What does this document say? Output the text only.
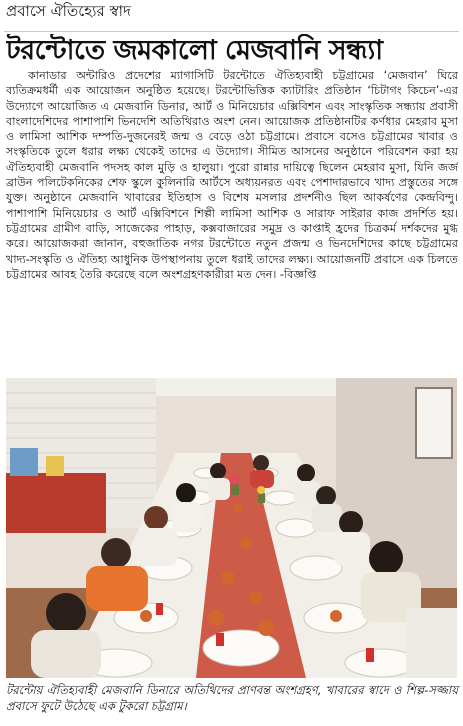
প্রবাসে ঐতিহ্যের স্বাদ
টরন্টোতে জমকালো মেজবানি সন্ধ্যা

কানাডার অন্টারিও প্রদেশের ম্যাগাসিটি টরন্টোতে ঐতিহ্যবাহী চট্টগ্রামের ‘মেজবান’ ঘিরে ব্যতিক্রমধর্মী এক আয়োজন অনুষ্ঠিত হয়েছে। টরন্টোভিত্তিক ক্যাটারিং প্রতিষ্ঠান ‘চিটাগং কিচেন’-এর উদ্যোগে আয়োজিত এ মেজবানি ডিনার, আর্ট ও মিনিয়েচার এক্সিবিশন এবং সাংস্কৃতিক সন্ধ্যায় প্রবাসী বাংলাদেশিদের পাশাপাশি ভিনদেশি অতিথিরাও অংশ নেন। আয়োজক প্রতিষ্ঠানটির কর্ণধার মেহরাব মুসা ও লামিসা আশিক দম্পতি-দুজনেরই জন্ম ও বেড়ে ওঠা চট্টগ্রামে। প্রবাসে বসেও চট্টগ্রামের খাবার ও সংস্কৃতিকে তুলে ধরার লক্ষ্য থেকেই তাদের এ উদ্যোগ। সীমিত আসনের অনুষ্ঠানে পরিবেশন করা হয় ঐতিহ্যবাহী মেজবানি পদসহ কাল মুড়ি ও হালুয়া। পুরো রান্নার দায়িত্বে ছিলেন মেহরাব মুসা, যিনি জর্জ ব্রাউন পলিটেকনিকের শেফ স্কুলে কুলিনারি আর্টসে অধ্যয়নরত এবং পেশাদারভাবে খাদ্য প্রস্তুতের সঙ্গে যুক্ত। অনুষ্ঠানে মেজবানি খাবারের ইতিহাস ও বিশেষ মসলার প্রদর্শনীও ছিল আকর্ষণের কেন্দ্রবিন্দু। পাশাপাশি মিনিয়েচার ও আর্ট এক্সিবিশনে শিল্পী লামিসা আশিক ও সারাফ সাইরার কাজ প্রদর্শিত হয়। চট্টগ্রামের গ্রামীণ বাড়ি, সাজেকের পাহাড়, কক্সবাজারের সমুদ্র ও কাপ্তাই হ্রদের চিত্রকর্ম দর্শকদের মুগ্ধ করে। আয়োজকরা জানান, বহুজাতিক নগর টরন্টোতে নতুন প্রজন্ম ও ভিনদেশিদের কাছে চট্টগ্রামের খাদ্য-সংস্কৃতি ও ঐতিহ্য আধুনিক উপস্থাপনায় তুলে ধরাই তাদের লক্ষ্য। আয়োজনটি প্রবাসে এক চিলতে চট্টগ্রামের আবহ তৈরি করেছে বলে অংশগ্রহণকারীরা মত দেন। -বিজ্ঞপ্তি

টরন্টোয় ঐতিহ্যবাহী মেজবানি ডিনারে অতিথিদের প্রাণবন্ত অংশগ্রহণ, খাবারের স্বাদে ও শিল্প-সজ্জায় প্রবাসে ফুটে উঠেছে এক টুকরো চট্টগ্রাম।
